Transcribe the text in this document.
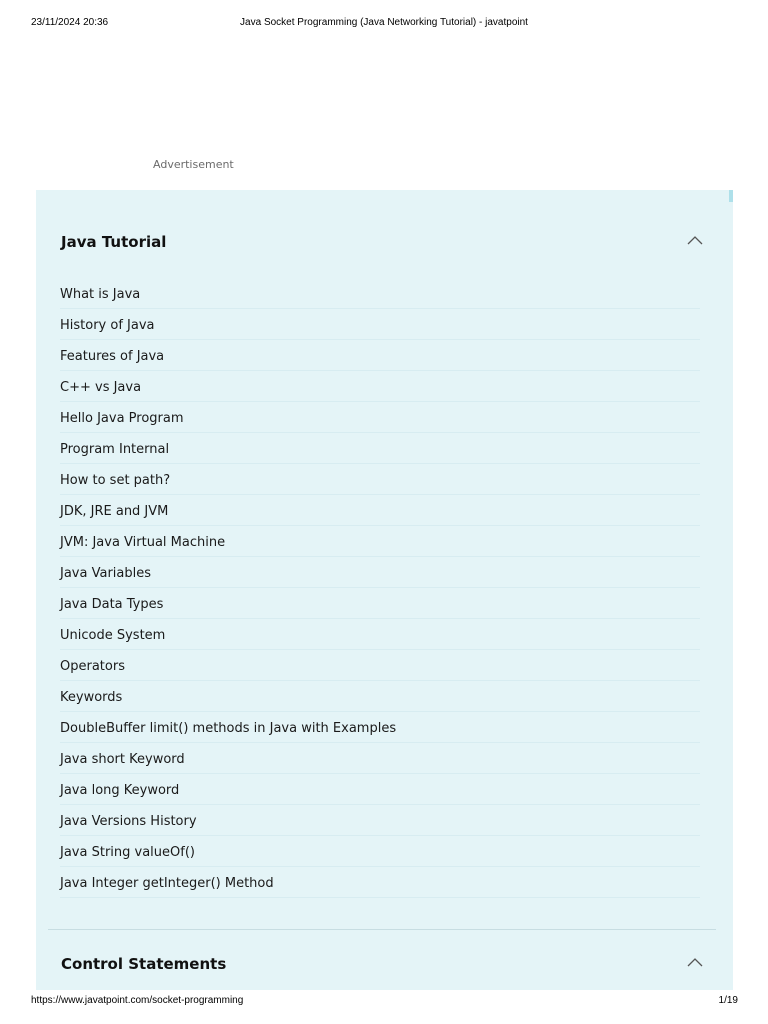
23/11/2024 20:36	Java Socket Programming (Java Networking Tutorial) - javatpoint
Advertisement
Java Tutorial
What is Java
History of Java
Features of Java
C++ vs Java
Hello Java Program
Program Internal
How to set path?
JDK, JRE and JVM
JVM: Java Virtual Machine
Java Variables
Java Data Types
Unicode System
Operators
Keywords
DoubleBuffer limit() methods in Java with Examples
Java short Keyword
Java long Keyword
Java Versions History
Java String valueOf()
Java Integer getInteger() Method
Control Statements
https://www.javatpoint.com/socket-programming	1/19
